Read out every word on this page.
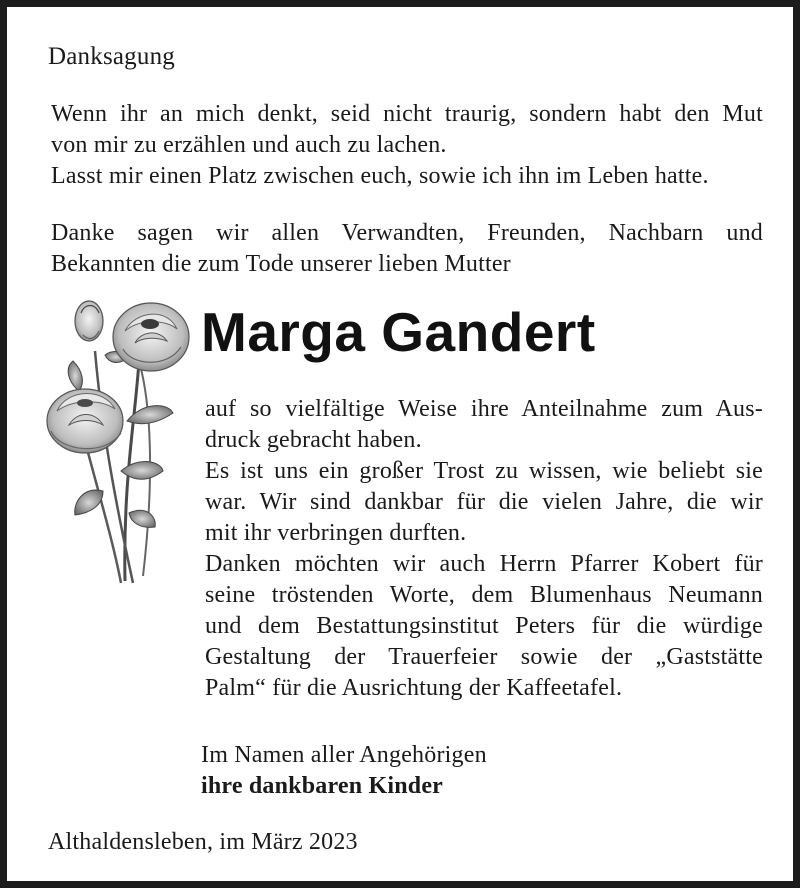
Danksagung
Wenn ihr an mich denkt, seid nicht traurig, sondern habt den Mut
von mir zu erzählen und auch zu lachen.
Lasst mir einen Platz zwischen euch, sowie ich ihn im Leben hatte.
Danke sagen wir allen Verwandten, Freunden, Nachbarn und
Bekannten die zum Tode unserer lieben Mutter
Marga Gandert
auf so vielfältige Weise ihre Anteilnahme zum Aus-
druck gebracht haben.
Es ist uns ein großer Trost zu wissen, wie beliebt sie
war. Wir sind dankbar für die vielen Jahre, die wir
mit ihr verbringen durften.
Danken möchten wir auch Herrn Pfarrer Kobert für
seine tröstenden Worte, dem Blumenhaus Neumann
und dem Bestattungsinstitut Peters für die würdige
Gestaltung der Trauerfeier sowie der „Gaststätte
Palm“ für die Ausrichtung der Kaffeetafel.
Im Namen aller Angehörigen
ihre dankbaren Kinder
Althaldensleben, im März 2023
